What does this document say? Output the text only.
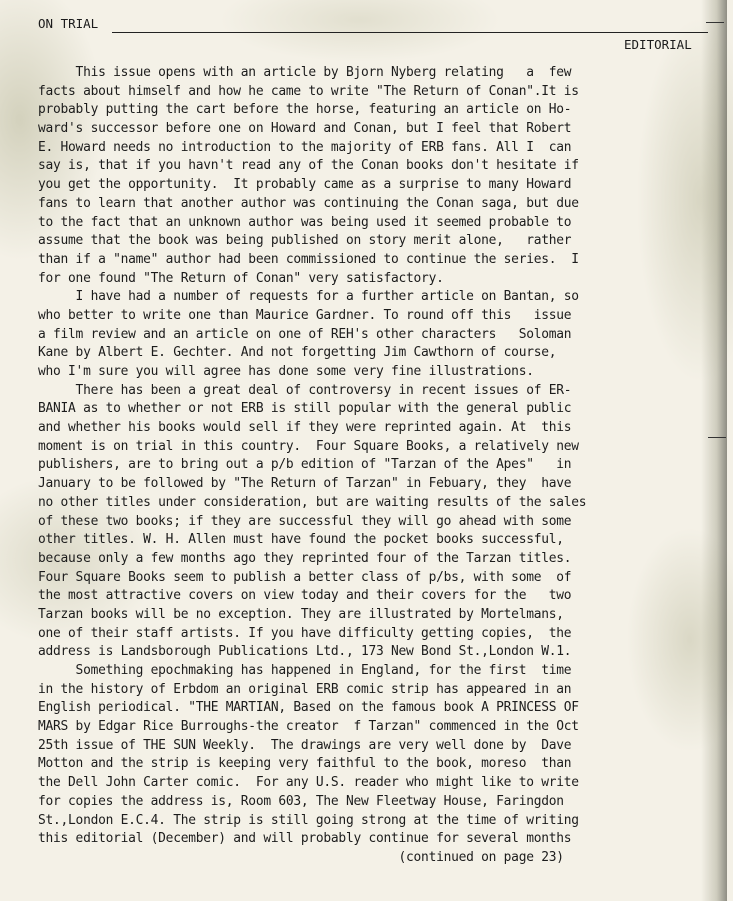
ON TRIAL
EDITORIAL
This issue opens with an article by Bjorn Nyberg relating   a  few
facts about himself and how he came to write "The Return of Conan".It is
probably putting the cart before the horse, featuring an article on Ho-
ward's successor before one on Howard and Conan, but I feel that Robert
E. Howard needs no introduction to the majority of ERB fans. All I  can
say is, that if you havn't read any of the Conan books don't hesitate if
you get the opportunity.  It probably came as a surprise to many Howard
fans to learn that another author was continuing the Conan saga, but due
to the fact that an unknown author was being used it seemed probable to
assume that the book was being published on story merit alone,   rather
than if a "name" author had been commissioned to continue the series.  I
for one found "The Return of Conan" very satisfactory.
I have had a number of requests for a further article on Bantan, so
who better to write one than Maurice Gardner. To round off this   issue
a film review and an article on one of REH's other characters   Soloman
Kane by Albert E. Gechter. And not forgetting Jim Cawthorn of course,
who I'm sure you will agree has done some very fine illustrations.
There has been a great deal of controversy in recent issues of ER-
BANIA as to whether or not ERB is still popular with the general public
and whether his books would sell if they were reprinted again. At  this
moment is on trial in this country.  Four Square Books, a relatively new
publishers, are to bring out a p/b edition of "Tarzan of the Apes"   in
January to be followed by "The Return of Tarzan" in Febuary, they  have
no other titles under consideration, but are waiting results of the sales
of these two books; if they are successful they will go ahead with some
other titles. W. H. Allen must have found the pocket books successful,
because only a few months ago they reprinted four of the Tarzan titles.
Four Square Books seem to publish a better class of p/bs, with some  of
the most attractive covers on view today and their covers for the   two
Tarzan books will be no exception. They are illustrated by Mortelmans,
one of their staff artists. If you have difficulty getting copies,  the
address is Landsborough Publications Ltd., 173 New Bond St.,London W.1.
Something epochmaking has happened in England, for the first  time
in the history of Erbdom an original ERB comic strip has appeared in an
English periodical. "THE MARTIAN, Based on the famous book A PRINCESS OF
MARS by Edgar Rice Burroughs-the creator  f Tarzan" commenced in the Oct
25th issue of THE SUN Weekly.  The drawings are very well done by  Dave
Motton and the strip is keeping very faithful to the book, moreso  than
the Dell John Carter comic.  For any U.S. reader who might like to write
for copies the address is, Room 603, The New Fleetway House, Faringdon
St.,London E.C.4. The strip is still going strong at the time of writing
this editorial (December) and will probably continue for several months
(continued on page 23)
